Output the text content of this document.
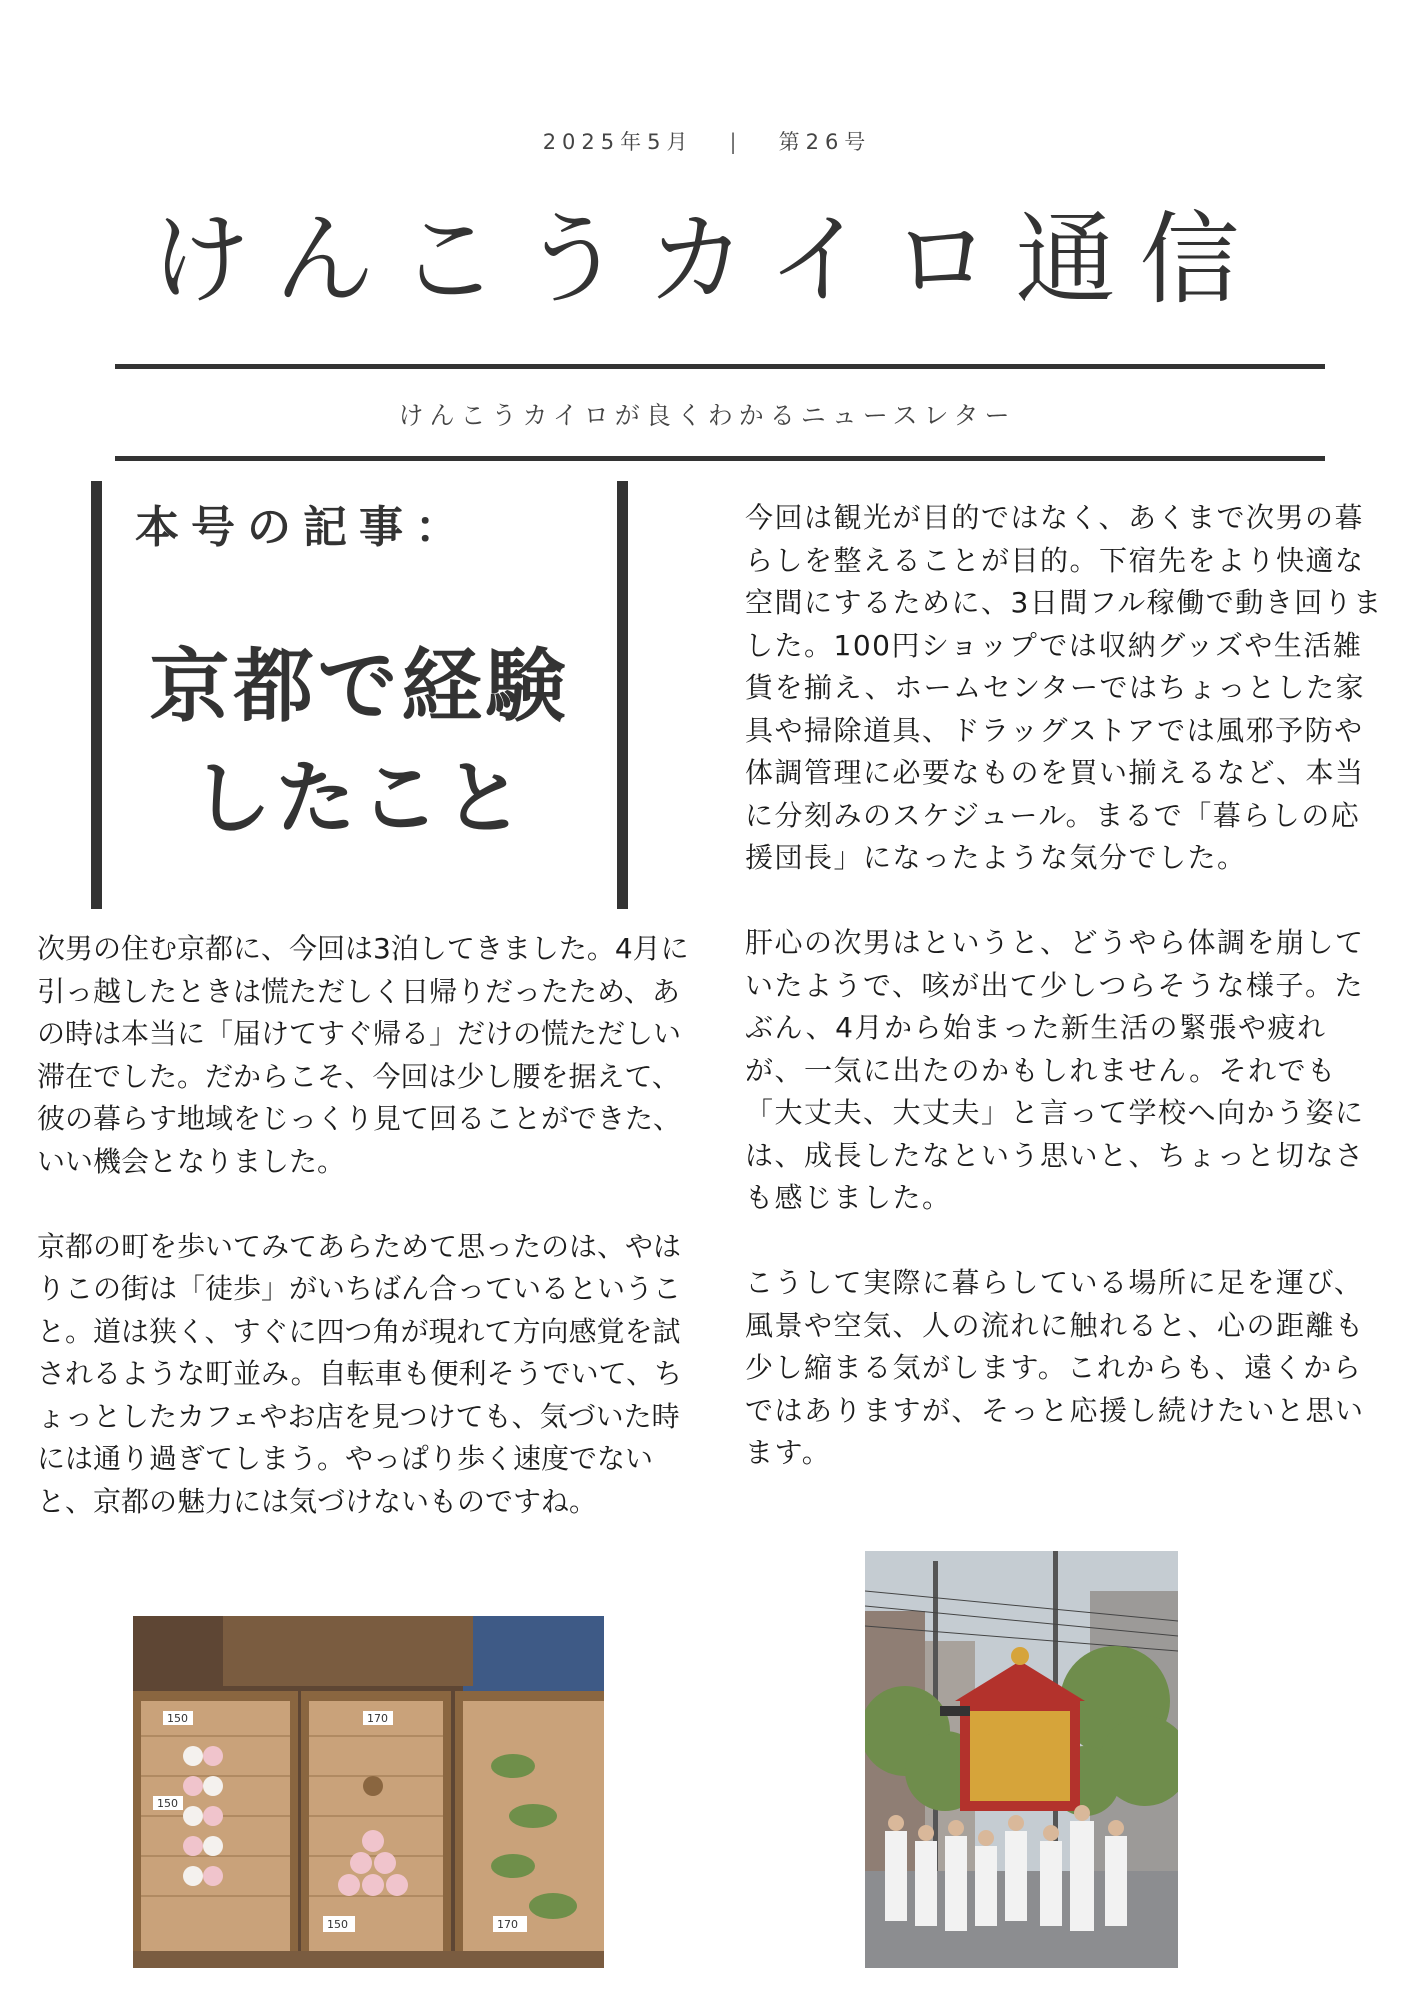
2025年5月 | 第26号
けんこうカイロ通信
けんこうカイロが良くわかるニュースレター
本号の記事：
京都で経験
したこと

次男の住む京都に、今回は3泊してきました。4月に引っ越したときは慌ただしく日帰りだったため、あの時は本当に「届けてすぐ帰る」だけの慌ただしい滞在でした。だからこそ、今回は少し腰を据えて、彼の暮らす地域をじっくり見て回ることができた、いい機会となりました。

京都の町を歩いてみてあらためて思ったのは、やはりこの街は「徒歩」がいちばん合っているということ。道は狭く、すぐに四つ角が現れて方向感覚を試されるような町並み。自転車も便利そうでいて、ちょっとしたカフェやお店を見つけても、気づいた時には通り過ぎてしまう。やっぱり歩く速度でないと、京都の魅力には気づけないものですね。

今回は観光が目的ではなく、あくまで次男の暮らしを整えることが目的。下宿先をより快適な空間にするために、3日間フル稼働で動き回りました。100円ショップでは収納グッズや生活雑貨を揃え、ホームセンターではちょっとした家具や掃除道具、ドラッグストアでは風邪予防や体調管理に必要なものを買い揃えるなど、本当に分刻みのスケジュール。まるで「暮らしの応援団長」になったような気分でした。

肝心の次男はというと、どうやら体調を崩していたようで、咳が出て少しつらそうな様子。たぶん、4月から始まった新生活の緊張や疲れが、一気に出たのかもしれません。それでも「大丈夫、大丈夫」と言って学校へ向かう姿には、成長したなという思いと、ちょっと切なさも感じました。

こうして実際に暮らしている場所に足を運び、風景や空気、人の流れに触れると、心の距離も少し縮まる気がします。これからも、遠くからではありますが、そっと応援し続けたいと思います。

150
150
170
150
170
